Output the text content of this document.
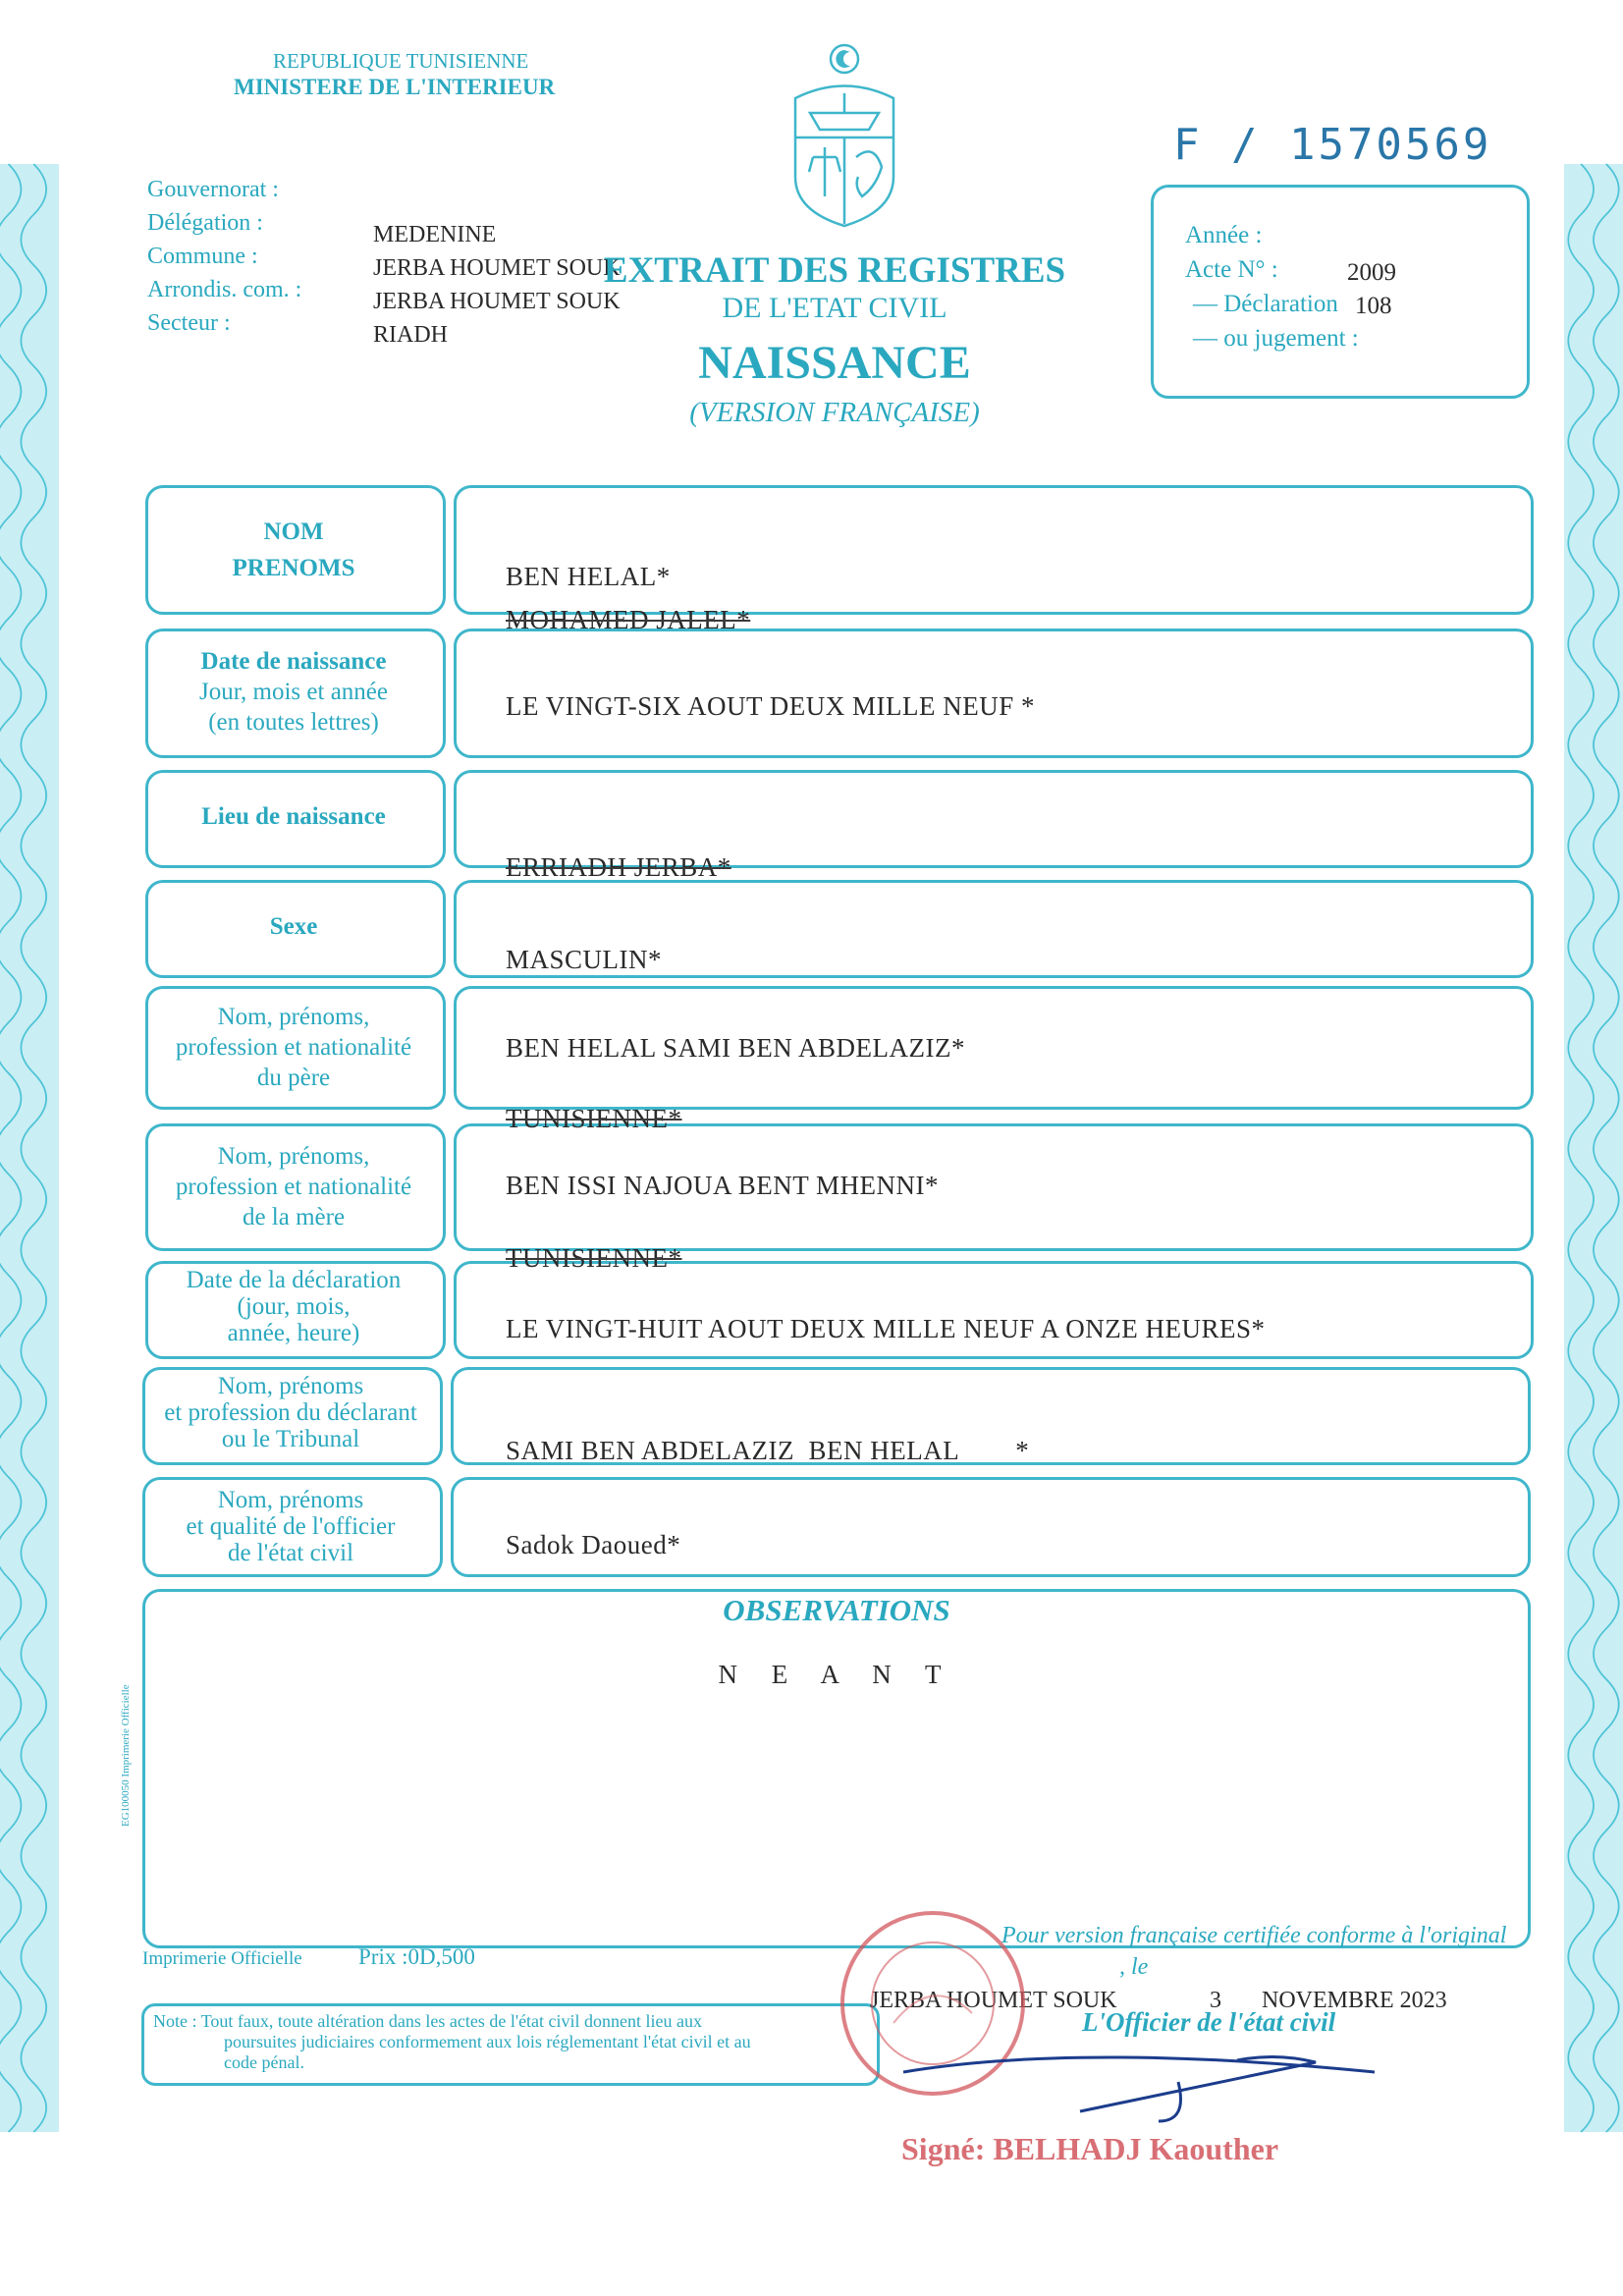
REPUBLIQUE TUNISIENNE
MINISTERE DE L'INTERIEUR
F / 1570569
Gouvernorat :
Délégation :
Commune :
Arrondis. com. :
Secteur :
MEDENINE
JERBA HOUMET SOUK
JERBA HOUMET SOUK
RIADH
EXTRAIT DES REGISTRES
DE L'ETAT CIVIL
NAISSANCE
(VERSION FRANÇAISE)
Année :
Acte N° :
— Déclaration
— ou jugement :
2009
108
NOM
PRENOMS
Date de naissance
Jour, mois et année
(en toutes lettres)
Lieu de naissance
Sexe
Nom, prénoms,
profession et nationalité
du père
Nom, prénoms,
profession et nationalité
de la mère
Date de la déclaration
(jour, mois,
année, heure)
Nom, prénoms
et profession du déclarant
ou le Tribunal
Nom, prénoms
et qualité de l'officier
de l'état civil
BEN HELAL*
MOHAMED JALEL*
LE VINGT-SIX AOUT DEUX MILLE NEUF *
ERRIADH JERBA*
MASCULIN*
BEN HELAL SAMI BEN ABDELAZIZ*
TUNISIENNE*
BEN ISSI NAJOUA BENT MHENNI*
TUNISIENNE*
LE VINGT-HUIT AOUT DEUX MILLE NEUF A ONZE HEURES*
SAMI BEN ABDELAZIZ  BEN HELAL        *
Sadok Daoued*
OBSERVATIONS
N E A N T
EG100050 Imprimerie Officielle
Imprimerie Officielle Prix :0D,500
Note : Tout faux, toute altération dans les actes de l'état civil donnent lieu aux
poursuites judiciaires conformement aux lois réglementant l'état civil et au
code pénal.
Pour version française certifiée conforme à l'original
, le
JERBA HOUMET SOUK	3 NOVEMBRE 2023
L'Officier de l'état civil
Signé: BELHADJ Kaouther
